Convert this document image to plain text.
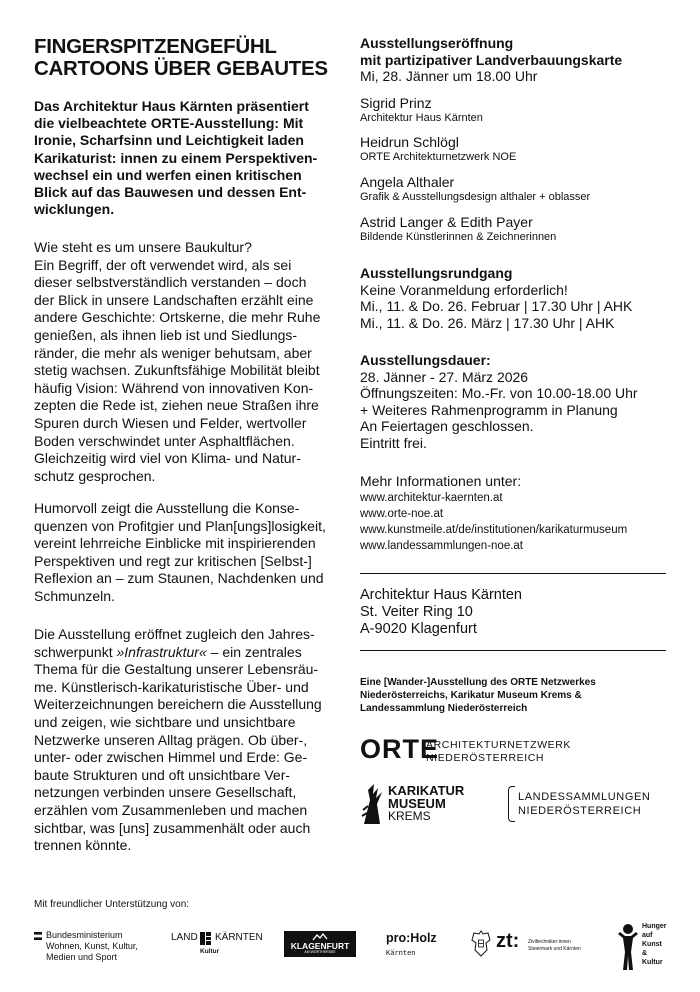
FINGERSPITZENGEFÜHL
CARTOONS ÜBER GEBAUTES
Das Architektur Haus Kärnten präsentiert
die vielbeachtete ORTE-Ausstellung: Mit
Ironie, Scharfsinn und Leichtigkeit laden
Karikaturist: innen zu einem Perspektiven-
wechsel ein und werfen einen kritischen
Blick auf das Bauwesen und dessen Ent-
wicklungen.
Wie steht es um unsere Baukultur?
Ein Begriff, der oft verwendet wird, als sei
dieser selbstverständlich verstanden – doch
der Blick in unsere Landschaften erzählt eine
andere Geschichte: Ortskerne, die mehr Ruhe
genießen, als ihnen lieb ist und Siedlungs-
ränder, die mehr als weniger behutsam, aber
stetig wachsen. Zukunftsfähige Mobilität bleibt
häufig Vision: Während von innovativen Kon-
zepten die Rede ist, ziehen neue Straßen ihre
Spuren durch Wiesen und Felder, wertvoller
Boden verschwindet unter Asphaltflächen.
Gleichzeitig wird viel von Klima- und Natur-
schutz gesprochen.
Humorvoll zeigt die Ausstellung die Konse-
quenzen von Profitgier und Plan[ungs]losigkeit,
vereint lehrreiche Einblicke mit inspirierenden
Perspektiven und regt zur kritischen [Selbst-]
Reflexion an – zum Staunen, Nachdenken und
Schmunzeln.
Die Ausstellung eröffnet zugleich den Jahres-
schwerpunkt »Infrastruktur« – ein zentrales
Thema für die Gestaltung unserer Lebensräu-
me. Künstlerisch-karikaturistische Über- und
Weiterzeichnungen bereichern die Ausstellung
und zeigen, wie sichtbare und unsichtbare
Netzwerke unseren Alltag prägen. Ob über-,
unter- oder zwischen Himmel und Erde: Ge-
baute Strukturen und oft unsichtbare Ver-
netzungen verbinden unsere Gesellschaft,
erzählen vom Zusammenleben und machen
sichtbar, was [uns] zusammenhält oder auch
trennen könnte.
Ausstellungseröffnung
mit partizipativer Landverbauungskarte
Mi, 28. Jänner um 18.00 Uhr
Sigrid Prinz
Architektur Haus Kärnten
Heidrun Schlögl
ORTE Architekturnetzwerk NOE
Angela Althaler
Grafik & Ausstellungsdesign althaler + oblasser
Astrid Langer & Edith Payer
Bildende Künstlerinnen & Zeichnerinnen
Ausstellungsrundgang
Keine Voranmeldung erforderlich!
Mi., 11. & Do. 26. Februar | 17.30 Uhr | AHK
Mi., 11. & Do. 26. März | 17.30 Uhr | AHK
Ausstellungsdauer:
28. Jänner - 27. März 2026
Öffnungszeiten: Mo.-Fr. von 10.00-18.00 Uhr
+ Weiteres Rahmenprogramm in Planung
An Feiertagen geschlossen.
Eintritt frei.
Mehr Informationen unter:
www.architektur-kaernten.at
www.orte-noe.at
www.kunstmeile.at/de/institutionen/karikaturmuseum
www.landessammlungen-noe.at
Architektur Haus Kärnten
St. Veiter Ring 10
A-9020 Klagenfurt
Eine [Wander-]Ausstellung des ORTE Netzwerkes
Niederösterreichs, Karikatur Museum Krems &
Landessammlung Niederösterreich
ORTE
ARCHITEKTURNETZWERK
NIEDERÖSTERREICH
KARIKATUR
MUSEUM
KREMS
LANDESSAMMLUNGEN
NIEDERÖSTERREICH
Mit freundlicher Unterstützung von:
Bundesministerium
Wohnen, Kunst, Kultur,
Medien und Sport
LAND KÄRNTEN
Kultur
KLAGENFURT
AM WÖRTHERSEE
pro:Holz
Kärnten
zt: Ziviltechniker:innen
Steiermark und Kärnten
Hunger
auf
Kunst
&
Kultur
